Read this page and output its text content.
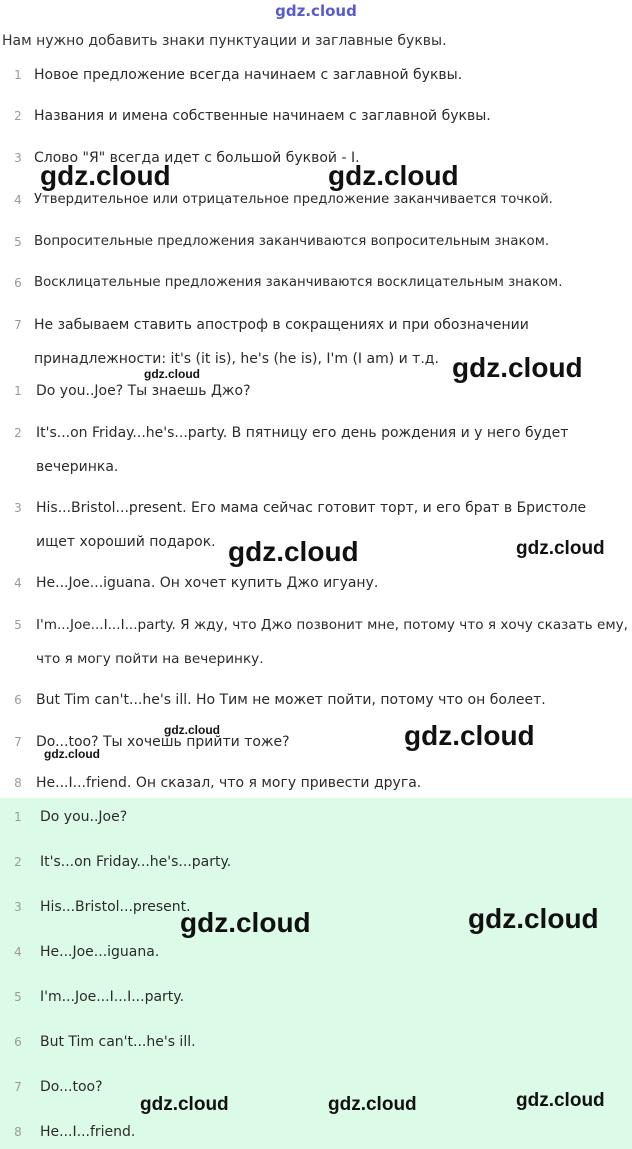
gdz.cloud
Нам нужно добавить знаки пунктуации и заглавные буквы.
1 Новое предложение всегда начинаем с заглавной буквы.
2 Названия и имена собственные начинаем с заглавной буквы.
3 Слово "Я" всегда идет с большой буквой - I.
4 Утвердительное или отрицательное предложение заканчивается точкой.
5 Вопросительные предложения заканчиваются вопросительным знаком.
6 Восклицательные предложения заканчиваются восклицательным знаком.
7 Не забываем ставить апостроф в сокращениях и при обозначении принадлежности: it's (it is), he's (he is), I'm (I am) и т.д.
1 Do you..Joe? Ты знаешь Джо?
2 It's...on Friday...he's...party. В пятницу его день рождения и у него будет вечеринка.
3 His...Bristol...present. Его мама сейчас готовит торт, и его брат в Бристоле ищет хороший подарок.
4 He...Joe...iguana. Он хочет купить Джо игуану.
5	I'm...Joe...I...I...party. Я жду, что Джо позвонит мне, потому что я хочу сказать ему, что я могу пойти на вечеринку.
6 But Tim can't...he's ill. Но Тим не может пойти, потому что он болеет.
7 Do...too? Ты хочешь прийти тоже?
8 He...I...friend. Он сказал, что я могу привести друга.
1 Do you..Joe?
2 It's...on Friday...he's...party.
3 His...Bristol...present.
4 He...Joe...iguana.
5 I'm...Joe...I...I...party.
6 But Tim can't...he's ill.
7 Do...too?
8 He...I...friend.
gdz.cloud	gdz.cloud
gdz.cloud
gdz.cloud
gdz.cloud	gdz.cloud
gdz.cloud
gdz.cloud
gdz.cloud
gdz.cloud	gdz.cloud
gdz.cloud	gdz.cloud	gdz.cloud
